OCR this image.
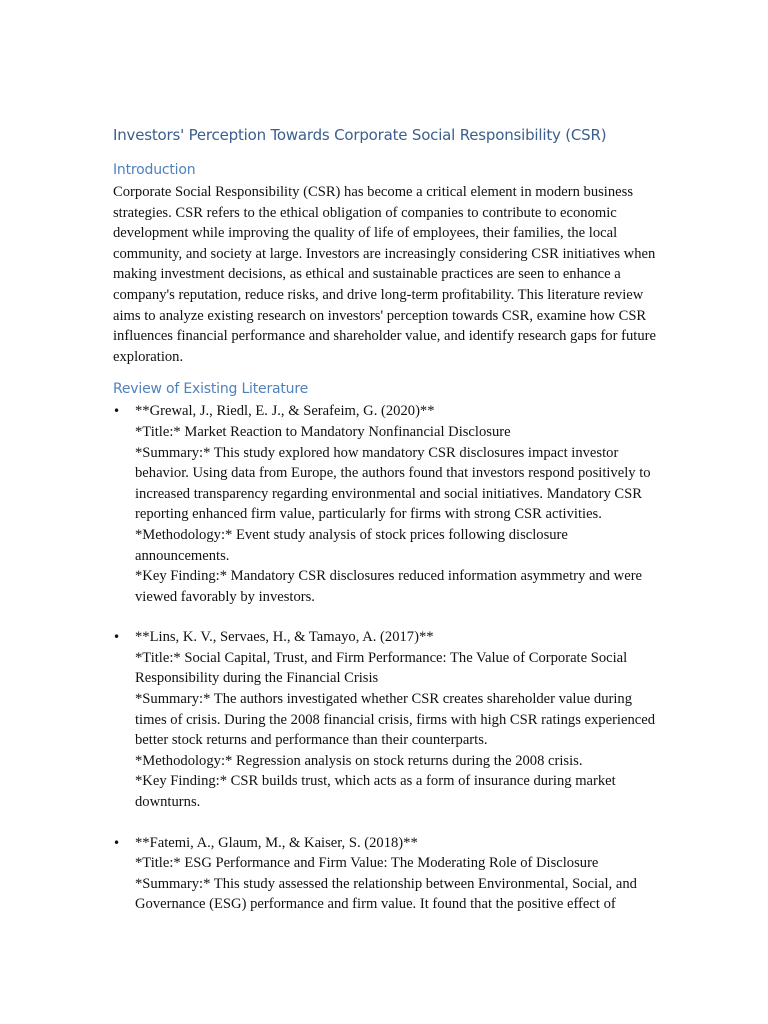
Investors' Perception Towards Corporate Social Responsibility (CSR)
Introduction

Corporate Social Responsibility (CSR) has become a critical element in modern business strategies. CSR refers to the ethical obligation of companies to contribute to economic development while improving the quality of life of employees, their families, the local community, and society at large. Investors are increasingly considering CSR initiatives when making investment decisions, as ethical and sustainable practices are seen to enhance a company's reputation, reduce risks, and drive long-term profitability. This literature review aims to analyze existing research on investors' perception towards CSR, examine how CSR influences financial performance and shareholder value, and identify research gaps for future exploration.

Review of Existing Literature
• **Grewal, J., Riedl, E. J., & Serafeim, G. (2020)**
*Title:* Market Reaction to Mandatory Nonfinancial Disclosure
*Summary:* This study explored how mandatory CSR disclosures impact investor behavior. Using data from Europe, the authors found that investors respond positively to increased transparency regarding environmental and social initiatives. Mandatory CSR reporting enhanced firm value, particularly for firms with strong CSR activities.
*Methodology:* Event study analysis of stock prices following disclosure announcements.
*Key Finding:* Mandatory CSR disclosures reduced information asymmetry and were viewed favorably by investors.
• **Lins, K. V., Servaes, H., & Tamayo, A. (2017)**
*Title:* Social Capital, Trust, and Firm Performance: The Value of Corporate Social Responsibility during the Financial Crisis
*Summary:* The authors investigated whether CSR creates shareholder value during times of crisis. During the 2008 financial crisis, firms with high CSR ratings experienced better stock returns and performance than their counterparts.
*Methodology:* Regression analysis on stock returns during the 2008 crisis.
*Key Finding:* CSR builds trust, which acts as a form of insurance during market downturns.
• **Fatemi, A., Glaum, M., & Kaiser, S. (2018)**
*Title:* ESG Performance and Firm Value: The Moderating Role of Disclosure
*Summary:* This study assessed the relationship between Environmental, Social, and Governance (ESG) performance and firm value. It found that the positive effect of
